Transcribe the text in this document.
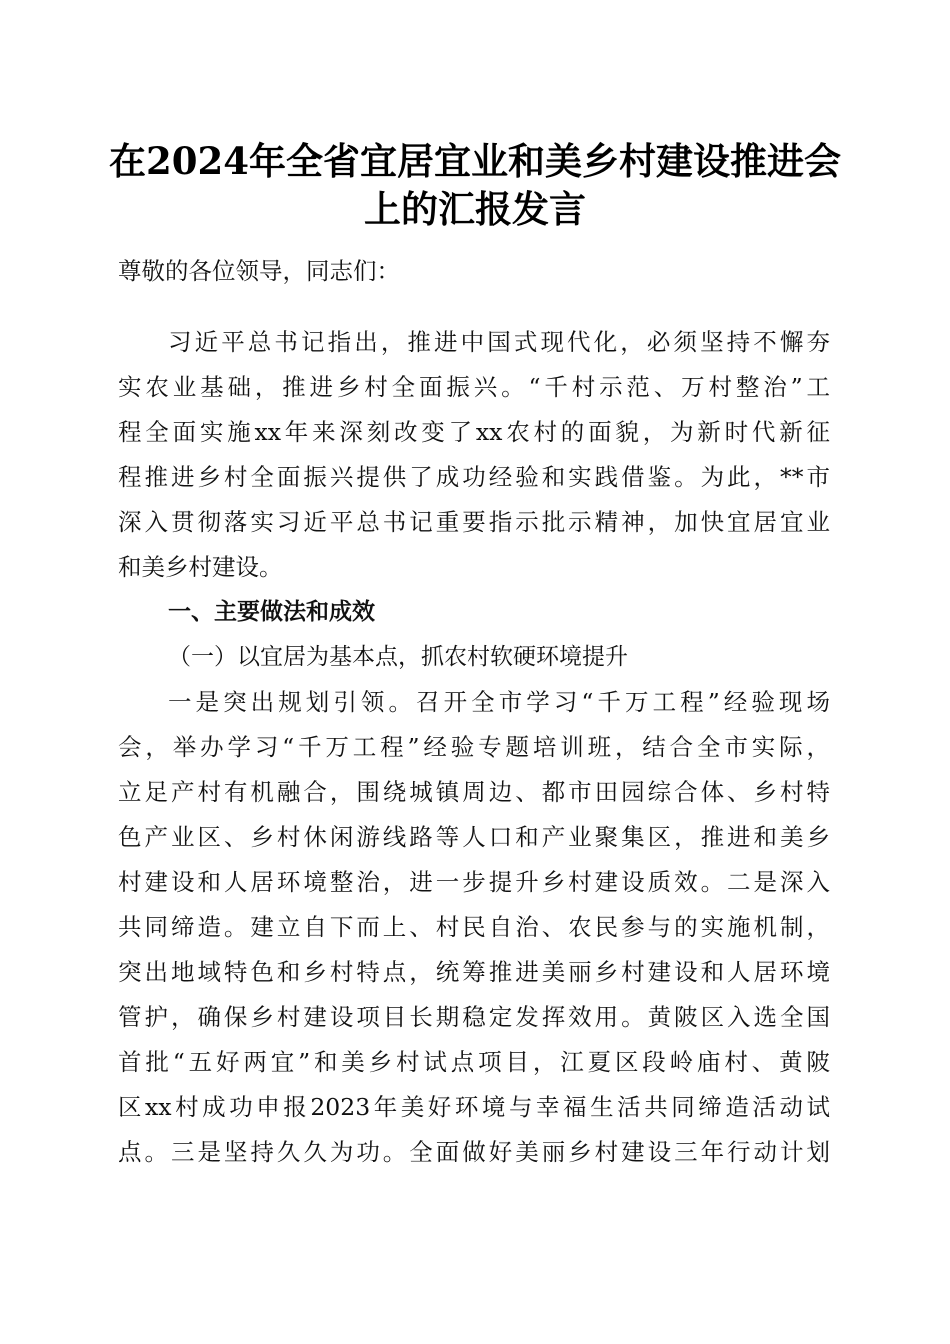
在2024年全省宜居宜业和美乡村建设推进会
上的汇报发言
尊敬的各位领导，同志们：
习近平总书记指出，推进中国式现代化，必须坚持不懈夯
实农业基础，推进乡村全面振兴。“千村示范、万村整治”工
程全面实施xx年来深刻改变了xx农村的面貌，为新时代新征
程推进乡村全面振兴提供了成功经验和实践借鉴。为此，**市
深入贯彻落实习近平总书记重要指示批示精神，加快宜居宜业
和美乡村建设。
一、主要做法和成效
（一）以宜居为基本点，抓农村软硬环境提升
一是突出规划引领。召开全市学习“千万工程”经验现场
会，举办学习“千万工程”经验专题培训班，结合全市实际，
立足产村有机融合，围绕城镇周边、都市田园综合体、乡村特
色产业区、乡村休闲游线路等人口和产业聚集区，推进和美乡
村建设和人居环境整治，进一步提升乡村建设质效。二是深入
共同缔造。建立自下而上、村民自治、农民参与的实施机制，
突出地域特色和乡村特点，统筹推进美丽乡村建设和人居环境
管护，确保乡村建设项目长期稳定发挥效用。黄陂区入选全国
首批“五好两宜”和美乡村试点项目，江夏区段岭庙村、黄陂
区xx村成功申报2023年美好环境与幸福生活共同缔造活动试
点。三是坚持久久为功。全面做好美丽乡村建设三年行动计划
